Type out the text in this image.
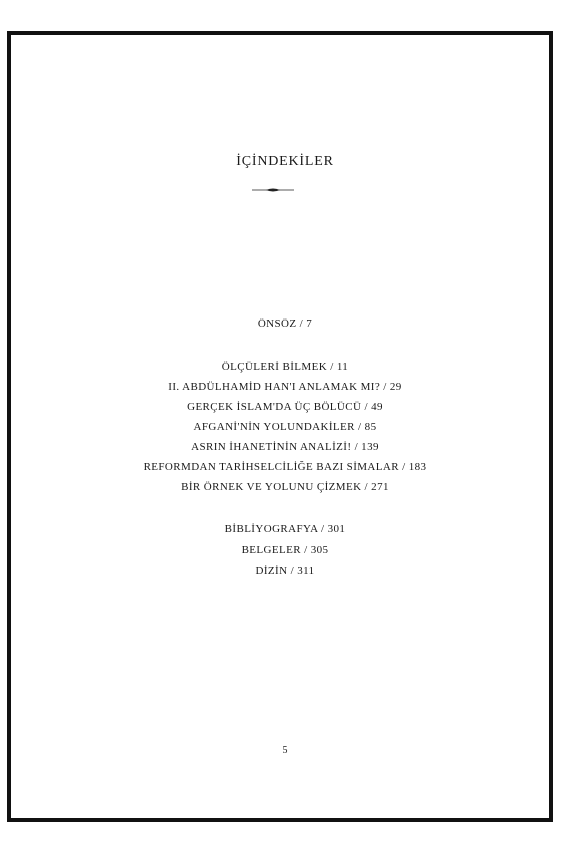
İÇİNDEKİLER
ÖNSÖZ / 7
ÖLÇÜLERİ BİLMEK / 11
II. ABDÜLHAMİD HAN'I ANLAMAK MI? / 29
GERÇEK İSLAM'DA ÜÇ BÖLÜCÜ / 49
AFGANİ'NİN YOLUNDAKİLER / 85
ASRIN İHANETİNİN ANALİZİ! / 139
REFORMDAN TARİHSELCİLİĞE BAZI SİMALAR / 183
BİR ÖRNEK VE YOLUNU ÇİZMEK / 271
BİBLİYOGRAFYA / 301
BELGELER / 305
DİZİN / 311
5
